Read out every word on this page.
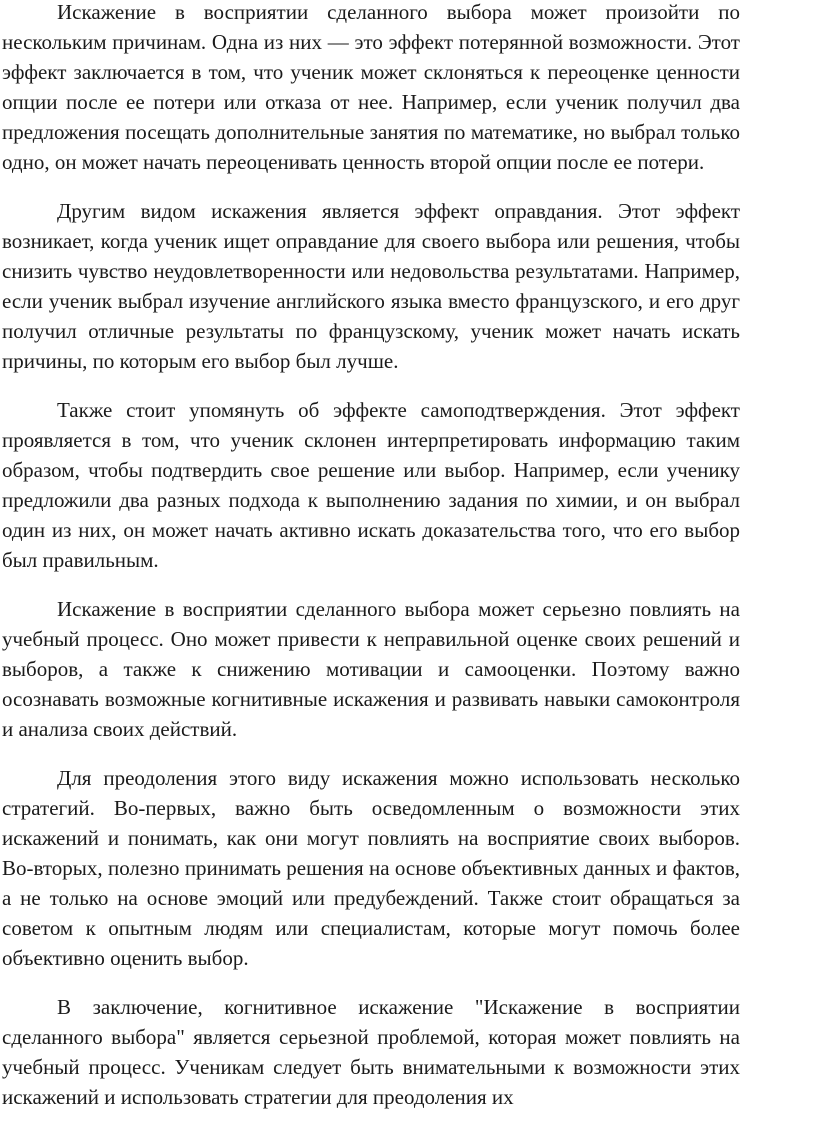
Искажение в восприятии сделанного выбора может произойти по нескольким причинам. Одна из них — это эффект потерянной возможности. Этот эффект заключается в том, что ученик может склоняться к переоценке ценности опции после ее потери или отказа от нее. Например, если ученик получил два предложения посещать дополнительные занятия по математике, но выбрал только одно, он может начать переоценивать ценность второй опции после ее потери.

Другим видом искажения является эффект оправдания. Этот эффект возникает, когда ученик ищет оправдание для своего выбора или решения, чтобы снизить чувство неудовлетворенности или недовольства результатами. Например, если ученик выбрал изучение английского языка вместо французского, и его друг получил отличные результаты по французскому, ученик может начать искать причины, по которым его выбор был лучше.

Также стоит упомянуть об эффекте самоподтверждения. Этот эффект проявляется в том, что ученик склонен интерпретировать информацию таким образом, чтобы подтвердить свое решение или выбор. Например, если ученику предложили два разных подхода к выполнению задания по химии, и он выбрал один из них, он может начать активно искать доказательства того, что его выбор был правильным.

Искажение в восприятии сделанного выбора может серьезно повлиять на учебный процесс. Оно может привести к неправильной оценке своих решений и выборов, а также к снижению мотивации и самооценки. Поэтому важно осознавать возможные когнитивные искажения и развивать навыки самоконтроля и анализа своих действий.

Для преодоления этого виду искажения можно использовать несколько стратегий. Во-первых, важно быть осведомленным о возможности этих искажений и понимать, как они могут повлиять на восприятие своих выборов. Во-вторых, полезно принимать решения на основе объективных данных и фактов, а не только на основе эмоций или предубеждений. Также стоит обращаться за советом к опытным людям или специалистам, которые могут помочь более объективно оценить выбор.

В заключение, когнитивное искажение "Искажение в восприятии сделанного выбора" является серьезной проблемой, которая может повлиять на учебный процесс. Ученикам следует быть внимательными к возможности этих искажений и использовать стратегии для преодоления их
